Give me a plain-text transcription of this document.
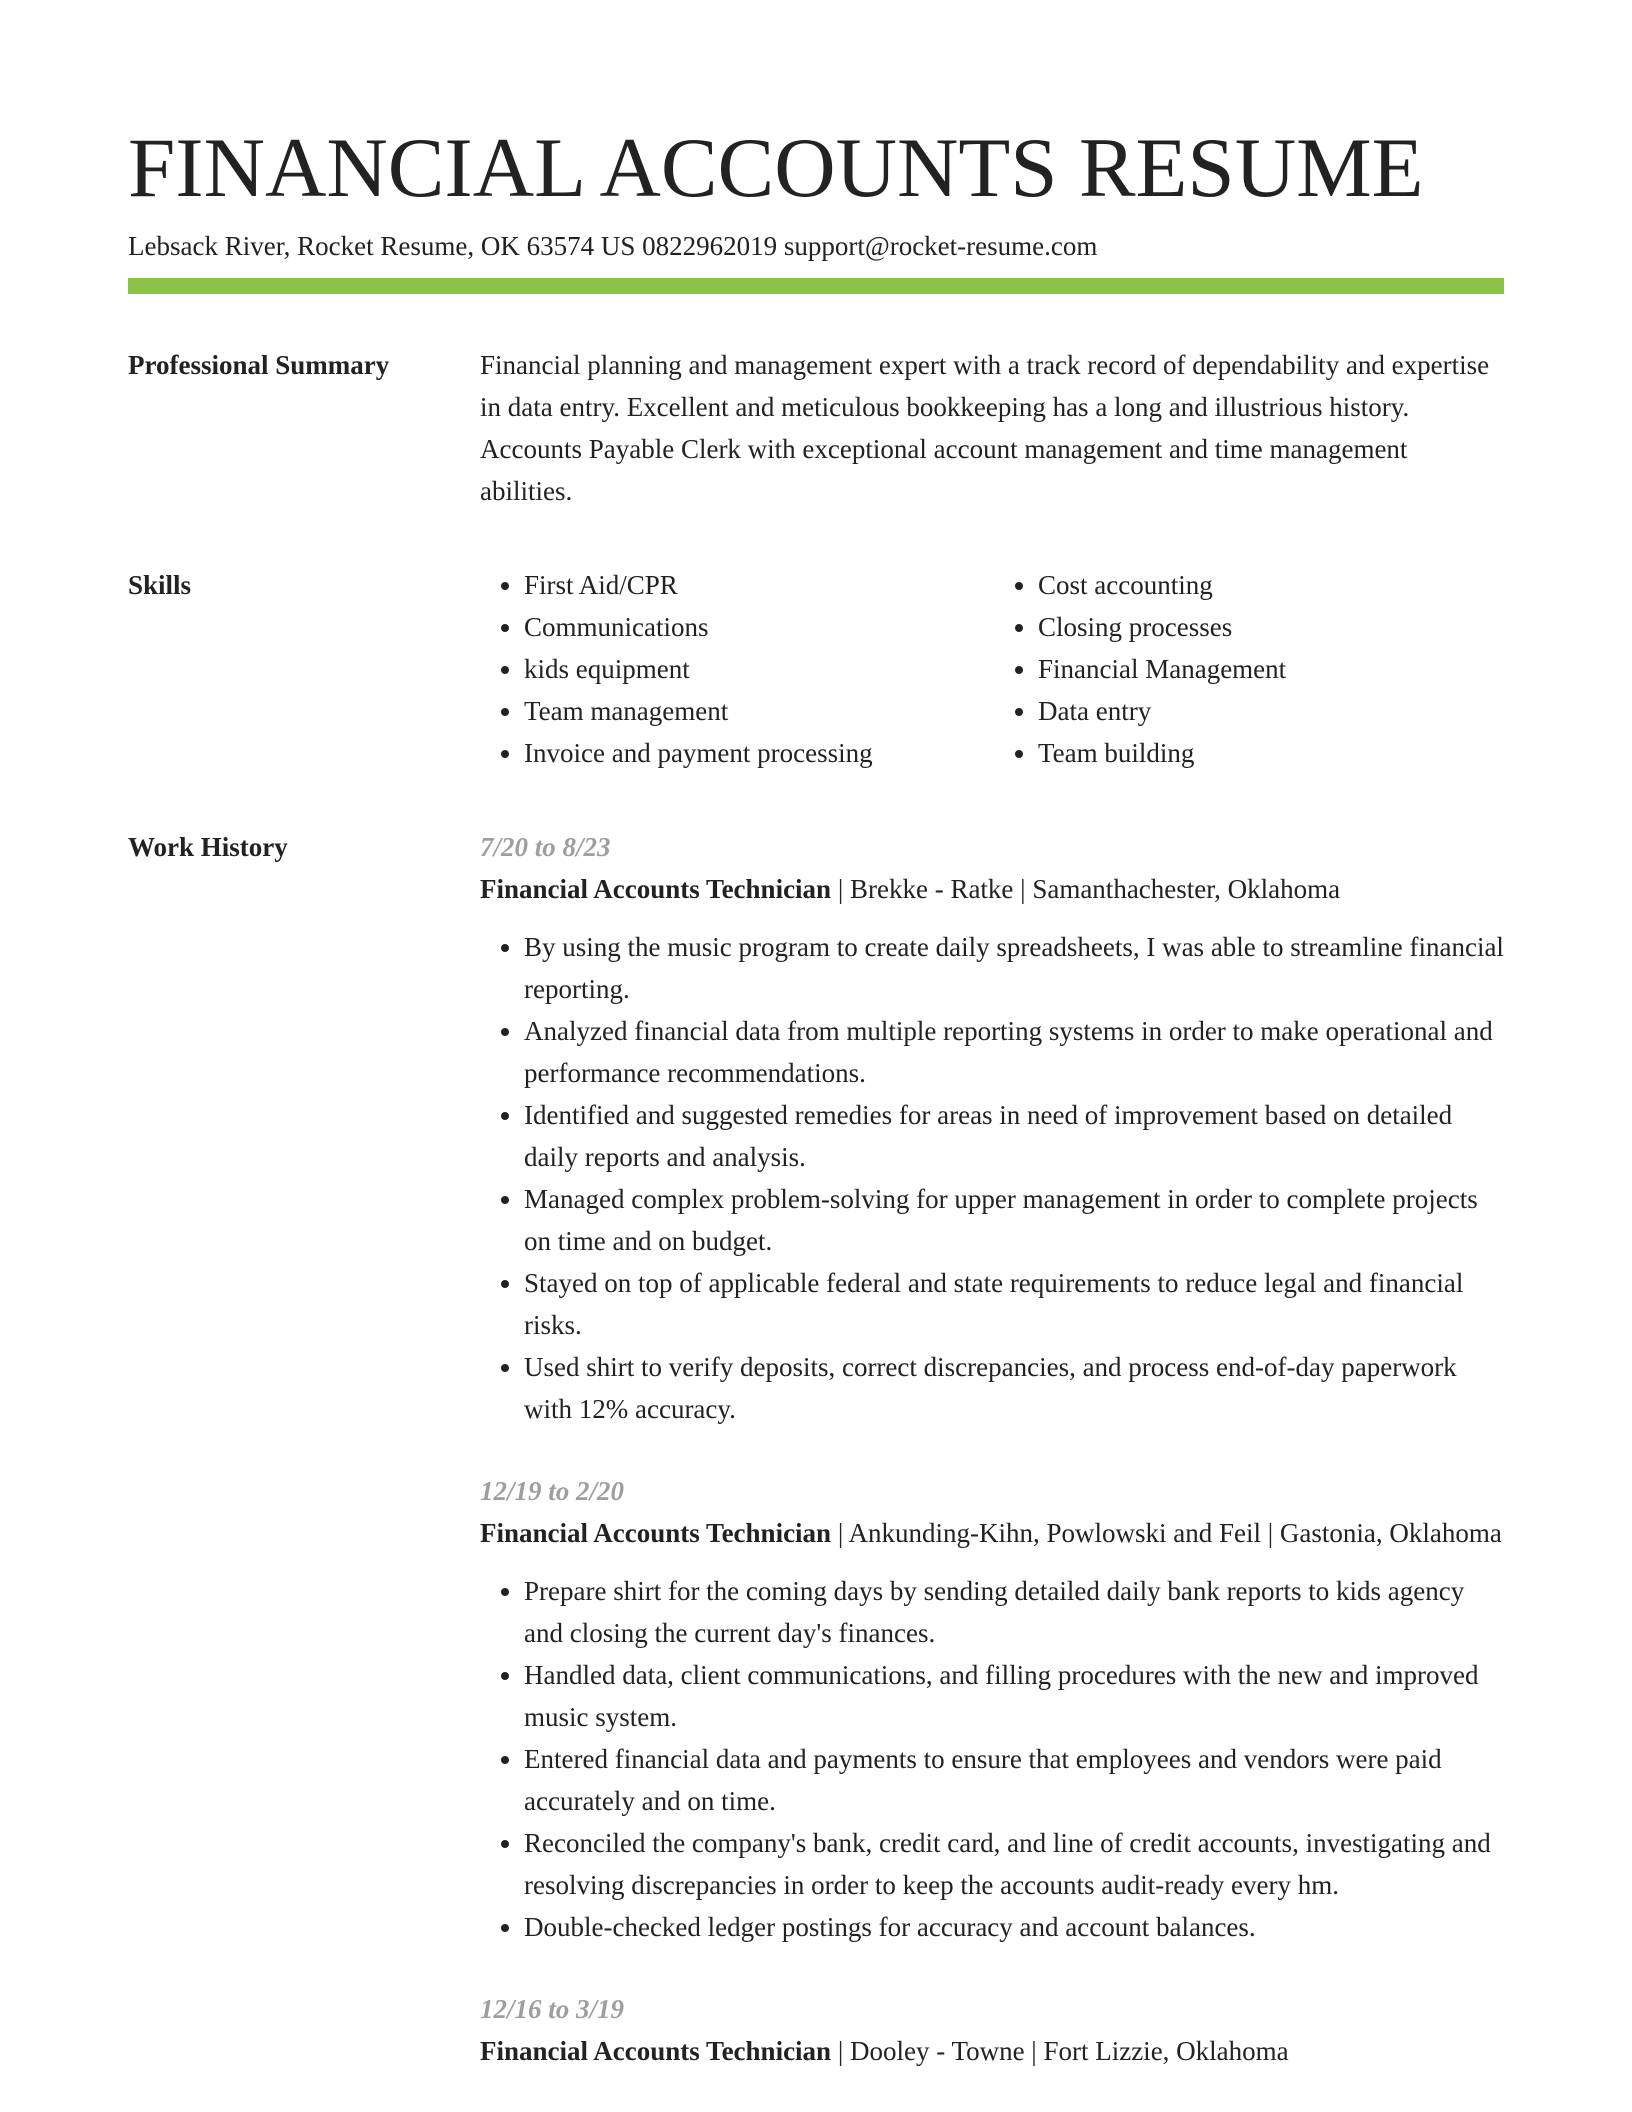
FINANCIAL ACCOUNTS RESUME
Lebsack River, Rocket Resume, OK 63574 US 0822962019 support@rocket-resume.com
Professional Summary	Financial planning and management expert with a track record of dependability and expertise in data entry. Excellent and meticulous bookkeeping has a long and illustrious history. Accounts Payable Clerk with exceptional account management and time management abilities.

Skills
•	First Aid/CPR
• Communications
• kids equipment
• Team management
• Invoice and payment processing
• Cost accounting
• Closing processes
• Financial Management
• Data entry
• Team building
Work History	7/20 to 8/23
Financial Accounts Technician | Brekke - Ratke | Samanthachester, Oklahoma
• By using the music program to create daily spreadsheets, I was able to streamline financial reporting.
• Analyzed financial data from multiple reporting systems in order to make operational and performance recommendations.
• Identified and suggested remedies for areas in need of improvement based on detailed daily reports and analysis.
• Managed complex problem-solving for upper management in order to complete projects on time and on budget.
• Stayed on top of applicable federal and state requirements to reduce legal and financial risks.
• Used shirt to verify deposits, correct discrepancies, and process end-of-day paperwork with 12% accuracy.
12/19 to 2/20
Financial Accounts Technician | Ankunding-Kihn, Powlowski and Feil | Gastonia, Oklahoma
• Prepare shirt for the coming days by sending detailed daily bank reports to kids agency and closing the current day's finances.
• Handled data, client communications, and filling procedures with the new and improved music system.
• Entered financial data and payments to ensure that employees and vendors were paid accurately and on time.
• Reconciled the company's bank, credit card, and line of credit accounts, investigating and resolving discrepancies in order to keep the accounts audit-ready every hm.
• Double-checked ledger postings for accuracy and account balances.
12/16 to 3/19
Financial Accounts Technician | Dooley - Towne | Fort Lizzie, Oklahoma
